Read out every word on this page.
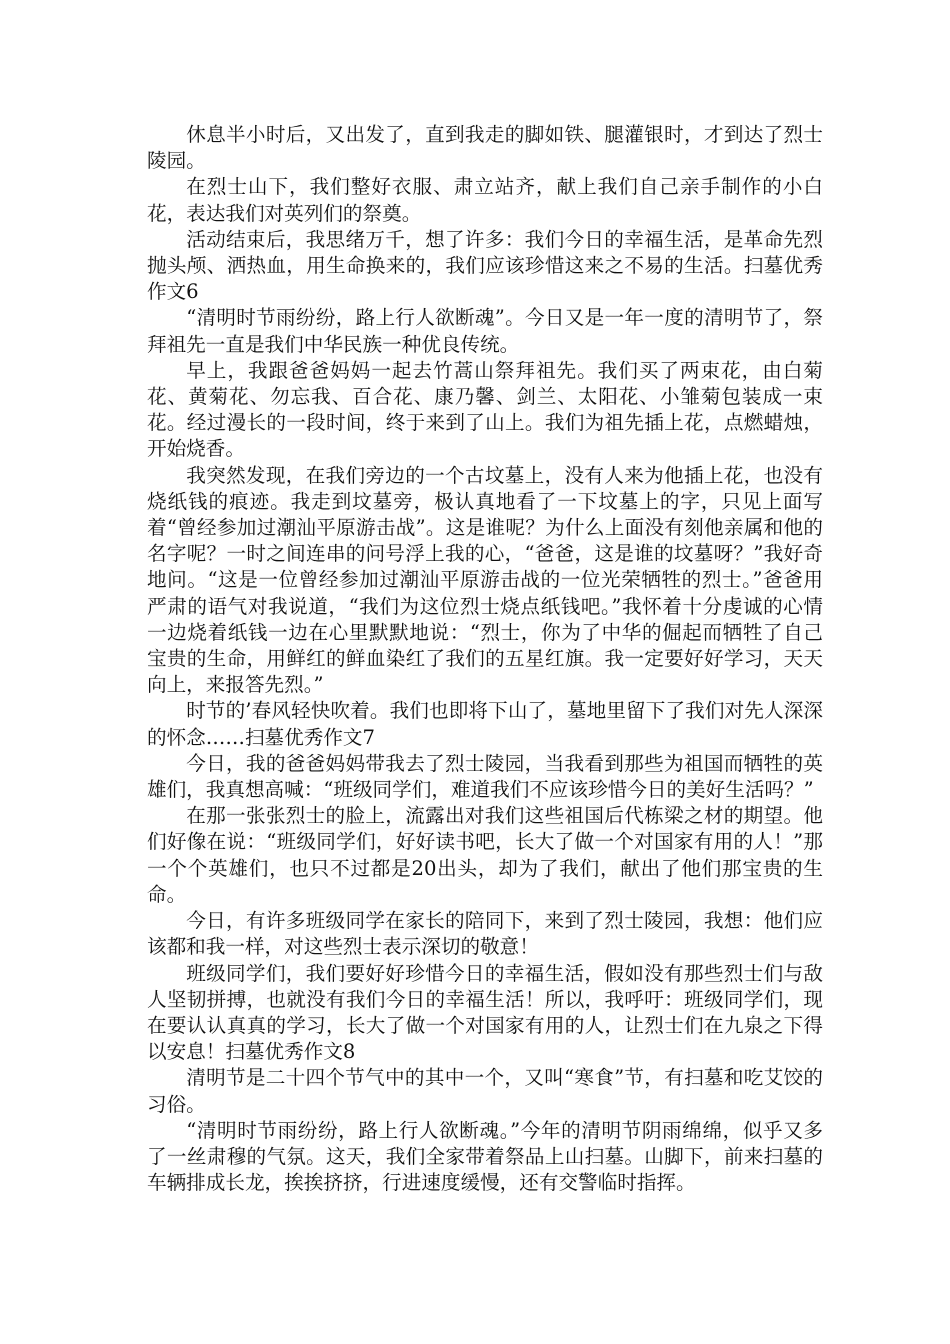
休息半小时后，又出发了，直到我走的脚如铁、腿灌银时，才到达了烈士陵园。

在烈士山下，我们整好衣服、肃立站齐，献上我们自己亲手制作的小白花，表达我们对英列们的祭奠。

活动结束后，我思绪万千，想了许多：我们今日的幸福生活，是革命先烈抛头颅、洒热血，用生命换来的，我们应该珍惜这来之不易的生活。扫墓优秀作文6

“清明时节雨纷纷，路上行人欲断魂”。今日又是一年一度的清明节了，祭拜祖先一直是我们中华民族一种优良传统。

早上，我跟爸爸妈妈一起去竹蒿山祭拜祖先。我们买了两束花，由白菊花、黄菊花、勿忘我、百合花、康乃馨、剑兰、太阳花、小雏菊包装成一束花。经过漫长的一段时间，终于来到了山上。我们为祖先插上花，点燃蜡烛，开始烧香。

我突然发现，在我们旁边的一个古坟墓上，没有人来为他插上花，也没有烧纸钱的痕迹。我走到坟墓旁，极认真地看了一下坟墓上的字，只见上面写着“曾经参加过潮汕平原游击战”。这是谁呢？为什么上面没有刻他亲属和他的名字呢？一时之间连串的问号浮上我的心，“爸爸，这是谁的坟墓呀？”我好奇地问。“这是一位曾经参加过潮汕平原游击战的一位光荣牺牲的烈士。”爸爸用严肃的语气对我说道，“我们为这位烈士烧点纸钱吧。”我怀着十分虔诚的心情一边烧着纸钱一边在心里默默地说：“烈士，你为了中华的倔起而牺牲了自己宝贵的生命，用鲜红的鲜血染红了我们的五星红旗。我一定要好好学习，天天向上，来报答先烈。”

时节的’春风轻快吹着。我们也即将下山了，墓地里留下了我们对先人深深的怀念……扫墓优秀作文7

今日，我的爸爸妈妈带我去了烈士陵园，当我看到那些为祖国而牺牲的英雄们，我真想高喊：“班级同学们，难道我们不应该珍惜今日的美好生活吗？”

在那一张张烈士的脸上，流露出对我们这些祖国后代栋梁之材的期望。他们好像在说：“班级同学们，好好读书吧，长大了做一个对国家有用的人！”那一个个英雄们，也只不过都是20出头，却为了我们，献出了他们那宝贵的生命。

今日，有许多班级同学在家长的陪同下，来到了烈士陵园，我想：他们应该都和我一样，对这些烈士表示深切的敬意！

班级同学们，我们要好好珍惜今日的幸福生活，假如没有那些烈士们与敌人坚韧拼搏，也就没有我们今日的幸福生活！所以，我呼吁：班级同学们，现在要认认真真的学习，长大了做一个对国家有用的人，让烈士们在九泉之下得以安息！扫墓优秀作文8

清明节是二十四个节气中的其中一个，又叫“寒食”节，有扫墓和吃艾饺的习俗。

“清明时节雨纷纷，路上行人欲断魂。”今年的清明节阴雨绵绵，似乎又多了一丝肃穆的气氛。这天，我们全家带着祭品上山扫墓。山脚下，前来扫墓的车辆排成长龙，挨挨挤挤，行进速度缓慢，还有交警临时指挥。
